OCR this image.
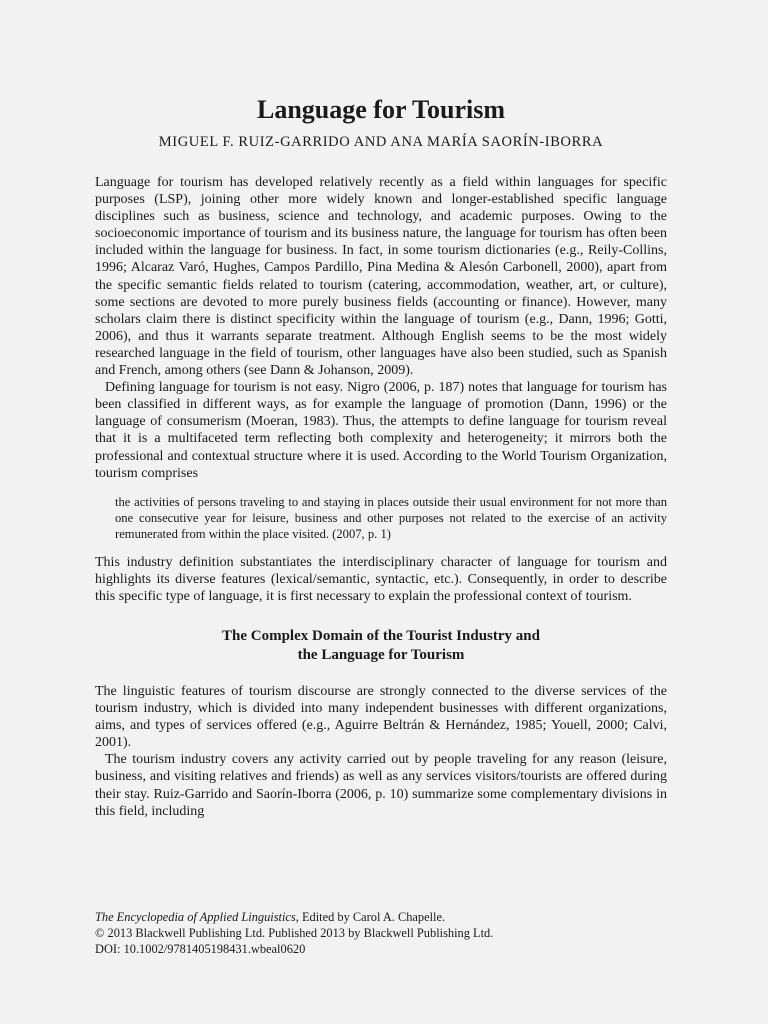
Language for Tourism
MIGUEL F. RUIZ-GARRIDO AND ANA MARÍA SAORÍN-IBORRA

Language for tourism has developed relatively recently as a field within languages for specific purposes (LSP), joining other more widely known and longer-established specific language disciplines such as business, science and technology, and academic purposes. Owing to the socioeconomic importance of tourism and its business nature, the language for tourism has often been included within the language for business. In fact, in some tourism dictionaries (e.g., Reily-Collins, 1996; Alcaraz Varó, Hughes, Campos Pardillo, Pina Medina & Alesón Carbonell, 2000), apart from the specific semantic fields related to tourism (catering, accommodation, weather, art, or culture), some sections are devoted to more purely business fields (accounting or finance). However, many scholars claim there is distinct specificity within the language of tourism (e.g., Dann, 1996; Gotti, 2006), and thus it warrants separate treatment. Although English seems to be the most widely researched language in the field of tourism, other languages have also been studied, such as Spanish and French, among others (see Dann & Johanson, 2009).

Defining language for tourism is not easy. Nigro (2006, p. 187) notes that language for tourism has been classified in different ways, as for example the language of promotion (Dann, 1996) or the language of consumerism (Moeran, 1983). Thus, the attempts to define language for tourism reveal that it is a multifaceted term reflecting both complexity and heterogeneity; it mirrors both the professional and contextual structure where it is used. According to the World Tourism Organization, tourism comprises

the activities of persons traveling to and staying in places outside their usual environment for not more than one consecutive year for leisure, business and other purposes not related to the exercise of an activity remunerated from within the place visited. (2007, p. 1)

This industry definition substantiates the interdisciplinary character of language for tourism and highlights its diverse features (lexical/semantic, syntactic, etc.). Consequently, in order to describe this specific type of language, it is first necessary to explain the professional context of tourism.

The Complex Domain of the Tourist Industry and
the Language for Tourism

The linguistic features of tourism discourse are strongly connected to the diverse services of the tourism industry, which is divided into many independent businesses with different organizations, aims, and types of services offered (e.g., Aguirre Beltrán & Hernández, 1985; Youell, 2000; Calvi, 2001).

The tourism industry covers any activity carried out by people traveling for any reason (leisure, business, and visiting relatives and friends) as well as any services visitors/tourists are offered during their stay. Ruiz-Garrido and Saorín-Iborra (2006, p. 10) summarize some complementary divisions in this field, including

The Encyclopedia of Applied Linguistics, Edited by Carol A. Chapelle.
© 2013 Blackwell Publishing Ltd. Published 2013 by Blackwell Publishing Ltd.
DOI: 10.1002/9781405198431.wbeal0620
